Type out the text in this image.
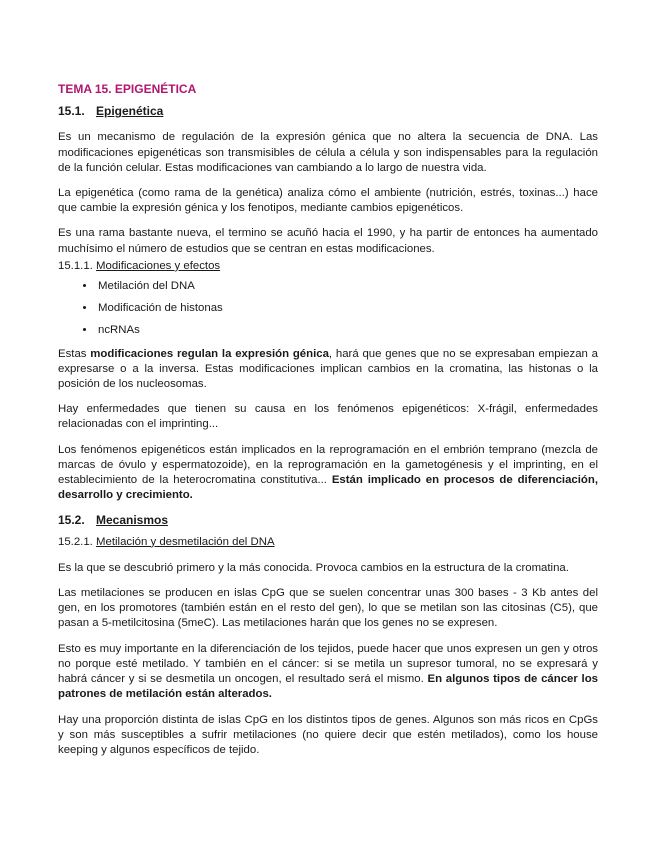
TEMA 15. EPIGENÉTICA
15.1. Epigenética

Es un mecanismo de regulación de la expresión génica que no altera la secuencia de DNA. Las modificaciones epigenéticas son transmisibles de célula a célula y son indispensables para la regulación de la función celular. Estas modificaciones van cambiando a lo largo de nuestra vida.

La epigenética (como rama de la genética) analiza cómo el ambiente (nutrición, estrés, toxinas...) hace que cambie la expresión génica y los fenotipos, mediante cambios epigenéticos.

Es una rama bastante nueva, el termino se acuñó hacia el 1990, y ha partir de entonces ha aumentado muchísimo el número de estudios que se centran en estas modificaciones.

15.1.1. Modificaciones y efectos
• Metilación del DNA
• Modificación de histonas
• ncRNAs

Estas modificaciones regulan la expresión génica, hará que genes que no se expresaban empiezan a expresarse o a la inversa. Estas modificaciones implican cambios en la cromatina, las histonas o la posición de los nucleosomas.

Hay enfermedades que tienen su causa en los fenómenos epigenéticos: X-frágil, enfermedades relacionadas con el imprinting...

Los fenómenos epigenéticos están implicados en la reprogramación en el embrión temprano (mezcla de marcas de óvulo y espermatozoide), en la reprogramación en la gametogénesis y el imprinting, en el establecimiento de la heterocromatina constitutiva... Están implicado en procesos de diferenciación, desarrollo y crecimiento.

15.2. Mecanismos
15.2.1. Metilación y desmetilación del DNA

Es la que se descubrió primero y la más conocida. Provoca cambios en la estructura de la cromatina.

Las metilaciones se producen en islas CpG que se suelen concentrar unas 300 bases - 3 Kb antes del gen, en los promotores (también están en el resto del gen), lo que se metilan son las citosinas (C5), que pasan a 5-metilcitosina (5meC). Las metilaciones harán que los genes no se expresen.

Esto es muy importante en la diferenciación de los tejidos, puede hacer que unos expresen un gen y otros no porque esté metilado. Y también en el cáncer: si se metila un supresor tumoral, no se expresará y habrá cáncer y si se desmetila un oncogen, el resultado será el mismo. En algunos tipos de cáncer los patrones de metilación están alterados.

Hay una proporción distinta de islas CpG en los distintos tipos de genes. Algunos son más ricos en CpGs y son más susceptibles a sufrir metilaciones (no quiere decir que estén metilados), como los house keeping y algunos específicos de tejido.
